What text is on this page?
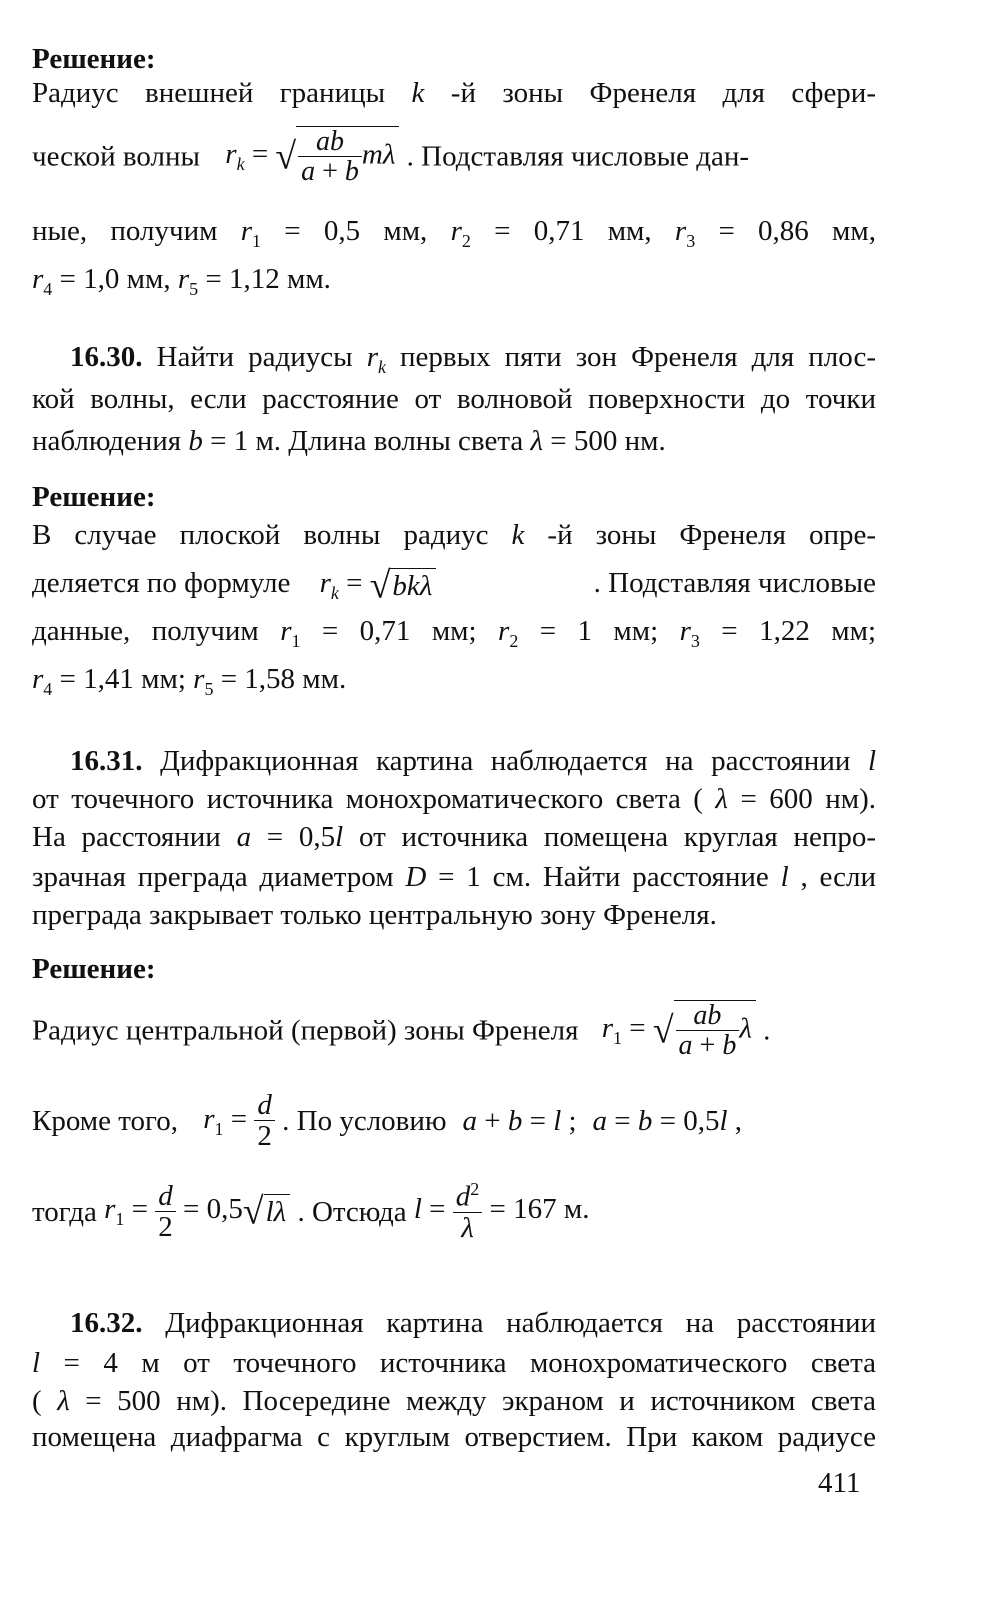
Решение:
Радиус внешней границы k -й зоны Френеля для сфери-
ческой волны $r_k$ = √ $\frac{ab}{a + b}$ mλ . Подставляя числовые дан-
ные, получим $r_1 = 0,5$ мм, $r_2 = 0,71$ мм, $r_3 = 0,86$ мм,
$r_4 = 1,0$ мм, $r_5 = 1,12$ мм.
16.30. Найти радиусы $r_k$ первых пяти зон Френеля для плос-
кой волны, если расстояние от волновой поверхности до точки
наблюдения b = 1 м. Длина волны света λ = 500 нм.
Решение:
В случае плоской волны радиус k -й зоны Френеля опре-
деляется по формуле $r_k = √bk\lambda$	. Подставляя числовые
данные, получим $r_1 = 0,71$ мм; $r_2 = 1$ мм; $r_3 = 1,22$ мм;
$r_4 = 1,41$ мм; $r_5 = 1,58$ мм.
16.31. Дифракционная картина наблюдается на расстоянии l
от точечного источника монохроматического света ( λ = 600 нм).
На расстоянии a = 0,5l от источника помещена круглая непро-
зрачная преграда диаметром D = 1 см. Найти расстояние l , если
преграда закрывает только центральную зону Френеля.
Решение:
Радиус центральной (первой) зоны Френеля $r_1$ = √ $\frac{ab}{a + b}$ λ .
Кроме того, $r_1 = \frac{d}{2}$ . По условию a + b = l ; a = b = 0,5l ,
тогда $r_1 = \frac{d}{2} = 0,5√l\lambda$ . Отсюда $l = \frac{d^2}{\lambda} = 167$ м.
16.32. Дифракционная картина наблюдается на расстоянии
l = 4 м от точечного источника монохроматического света
( λ = 500 нм). Посередине между экраном и источником света
помещена диафрагма с круглым отверстием. При каком радиусе
411
